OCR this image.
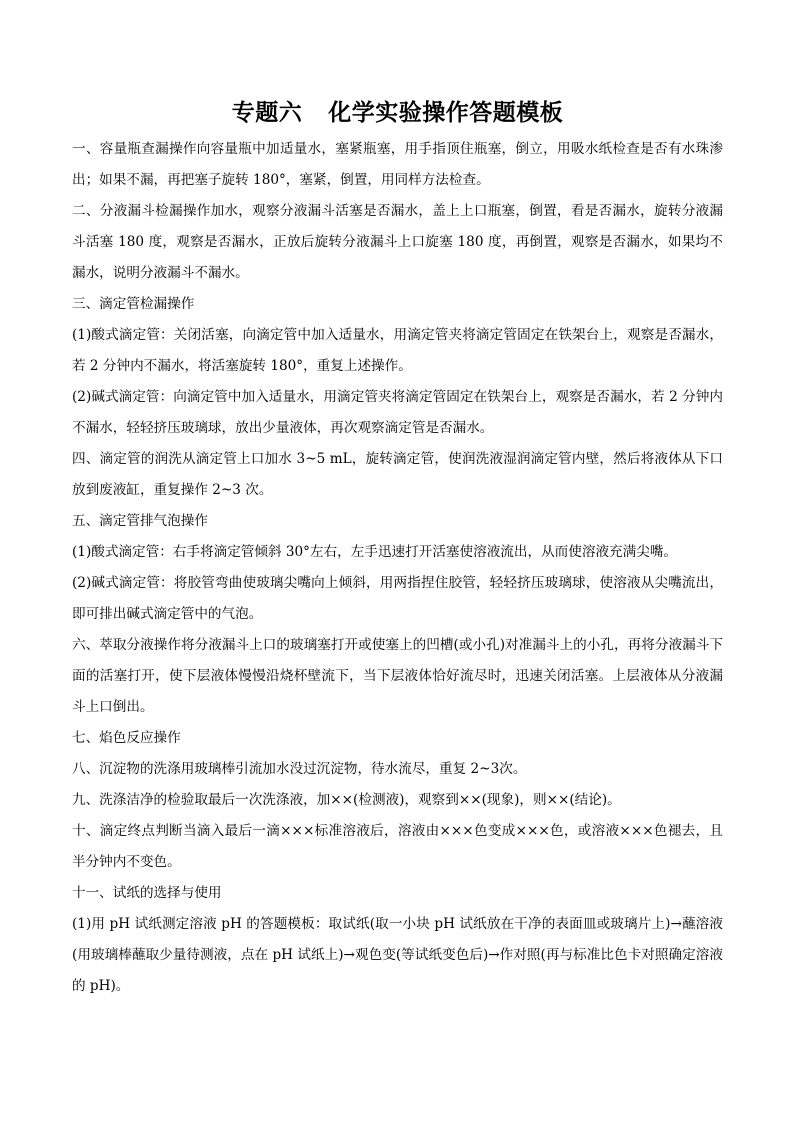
专题六 化学实验操作答题模板

一、容量瓶查漏操作向容量瓶中加适量水，塞紧瓶塞，用手指顶住瓶塞，倒立，用吸水纸检查是否有水珠渗出；如果不漏，再把塞子旋转 180°，塞紧，倒置，用同样方法检查。

二、分液漏斗检漏操作加水，观察分液漏斗活塞是否漏水，盖上上口瓶塞，倒置，看是否漏水，旋转分液漏斗活塞 180 度，观察是否漏水，正放后旋转分液漏斗上口旋塞 180 度，再倒置，观察是否漏水，如果均不漏水，说明分液漏斗不漏水。

三、滴定管检漏操作

(1)酸式滴定管：关闭活塞，向滴定管中加入适量水，用滴定管夹将滴定管固定在铁架台上，观察是否漏水，若 2 分钟内不漏水，将活塞旋转 180°，重复上述操作。

(2)碱式滴定管：向滴定管中加入适量水，用滴定管夹将滴定管固定在铁架台上，观察是否漏水，若 2 分钟内不漏水，轻轻挤压玻璃球，放出少量液体，再次观察滴定管是否漏水。

四、滴定管的润洗从滴定管上口加水 3~5 mL，旋转滴定管，使润洗液湿润滴定管内壁，然后将液体从下口放到废液缸，重复操作 2~3 次。

五、滴定管排气泡操作

(1)酸式滴定管：右手将滴定管倾斜 30°左右，左手迅速打开活塞使溶液流出，从而使溶液充满尖嘴。

(2)碱式滴定管：将胶管弯曲使玻璃尖嘴向上倾斜，用两指捏住胶管，轻轻挤压玻璃球，使溶液从尖嘴流出，即可排出碱式滴定管中的气泡。

六、萃取分液操作将分液漏斗上口的玻璃塞打开或使塞上的凹槽(或小孔)对准漏斗上的小孔，再将分液漏斗下面的活塞打开，使下层液体慢慢沿烧杯壁流下，当下层液体恰好流尽时，迅速关闭活塞。上层液体从分液漏斗上口倒出。

七、焰色反应操作

八、沉淀物的洗涤用玻璃棒引流加水没过沉淀物，待水流尽，重复 2~3次。

九、洗涤洁净的检验取最后一次洗涤液，加××(检测液)，观察到××(现象)，则××(结论)。

十、滴定终点判断当滴入最后一滴×××标准溶液后，溶液由×××色变成×××色，或溶液×××色褪去，且半分钟内不变色。

十一、试纸的选择与使用

(1)用 pH 试纸测定溶液 pH 的答题模板：取试纸(取一小块 pH 试纸放在干净的表面皿或玻璃片上)→蘸溶液(用玻璃棒蘸取少量待测液，点在 pH 试纸上)→观色变(等试纸变色后)→作对照(再与标准比色卡对照确定溶液的 pH)。
